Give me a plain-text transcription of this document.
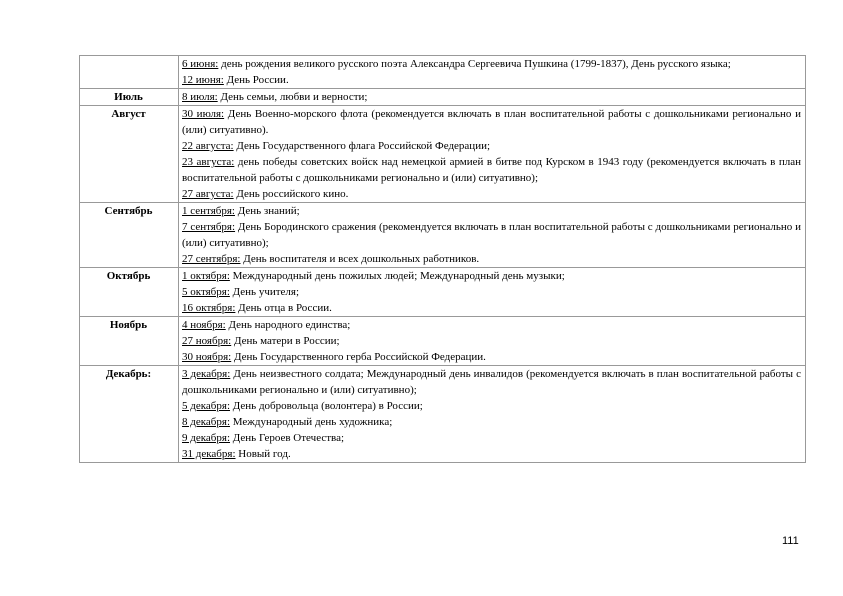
	6 июня: день рождения великого русского поэта Александра Сергеевича Пушкина (1799-1837), День русского языка;
12 июня: День России.

Июль	8 июля: День семьи, любви и верности;

Август	30 июля: День Военно-морского флота (рекомендуется включать в план воспитательной работы с дошкольниками регионально и (или) ситуативно).
22 августа: День Государственного флага Российской Федерации;
23 августа: день победы советских войск над немецкой армией в битве под Курском в 1943 году (рекомендуется включать в план воспитательной работы с дошкольниками регионально и (или) ситуативно);
27 августа: День российского кино.

Сентябрь	1 сентября: День знаний;
7 сентября: День Бородинского сражения (рекомендуется включать в план воспитательной работы с дошкольниками регионально и (или) ситуативно);
27 сентября: День воспитателя и всех дошкольных работников.

Октябрь	1 октября: Международный день пожилых людей; Международный день музыки;
5 октября: День учителя;
16 октября: День отца в России.

Ноябрь	4 ноября: День народного единства;
27 ноября: День матери в России;
30 ноября: День Государственного герба Российской Федерации.

Декабрь:	3 декабря: День неизвестного солдата; Международный день инвалидов (рекомендуется включать в план воспитательной работы с дошкольниками регионально и (или) ситуативно);
5 декабря: День добровольца (волонтера) в России;
8 декабря: Международный день художника;
9 декабря: День Героев Отечества;
31 декабря: Новый год.
111
